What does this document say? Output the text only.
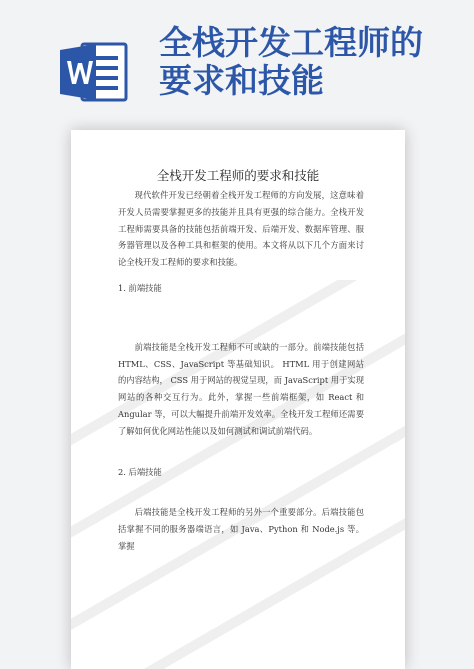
全栈开发工程师的
要求和技能
全栈开发工程师的要求和技能

现代软件开发已经朝着全栈开发工程师的方向发展，这意味着开发人员需要掌握更多的技能并且具有更强的综合能力。全栈开发工程师需要具备的技能包括前端开发、后端开发、数据库管理、服务器管理以及各种工具和框架的使用。本文将从以下几个方面来讨论全栈开发工程师的要求和技能。

1. 前端技能

前端技能是全栈开发工程师不可或缺的一部分。前端技能包括 HTML、CSS、JavaScript 等基础知识。 HTML 用于创建网站的内容结构， CSS 用于网站的视觉呈现，而 JavaScript 用于实现网站的各种交互行为。此外，掌握一些前端框架，如 React 和 Angular 等，可以大幅提升前端开发效率。全栈开发工程师还需要了解如何优化网站性能以及如何测试和调试前端代码。

2. 后端技能

后端技能是全栈开发工程师的另外一个重要部分。后端技能包括掌握不同的服务器端语言，如 Java、Python 和 Node.js 等。掌握
